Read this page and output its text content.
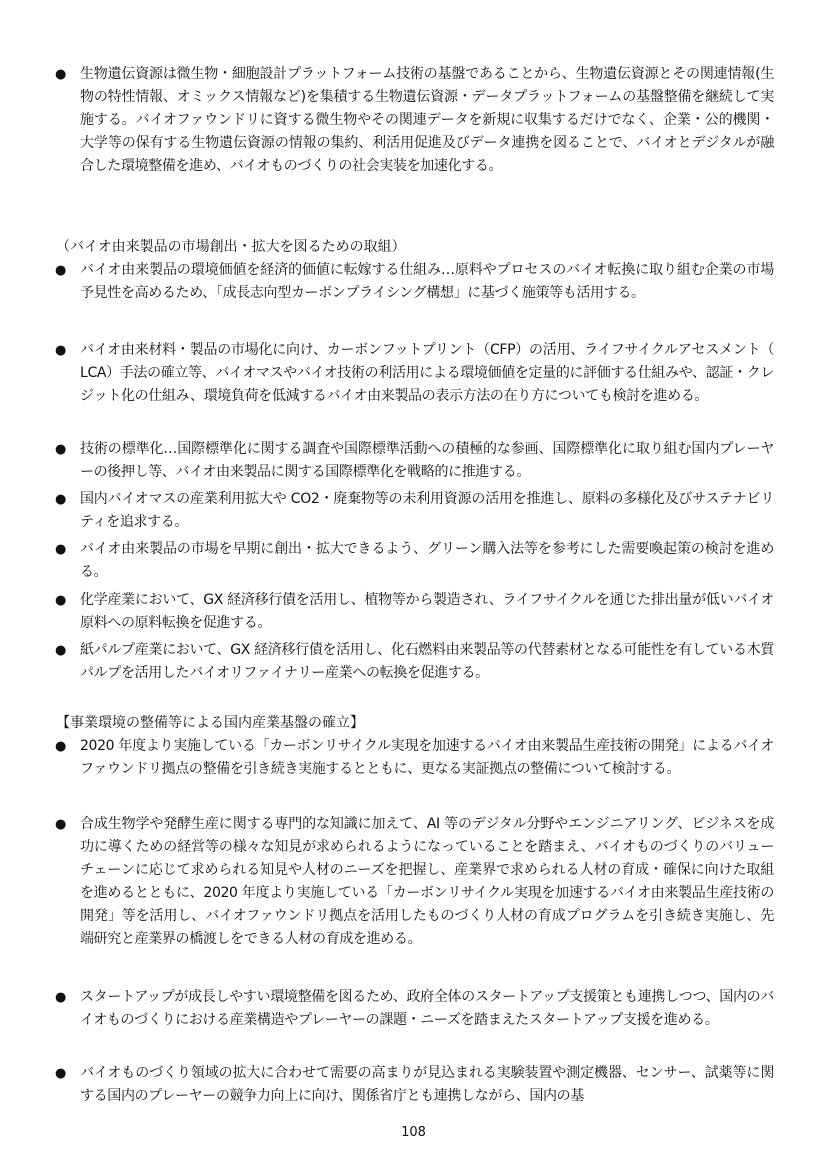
● 生物遺伝資源は微生物・細胞設計プラットフォーム技術の基盤であることから、生物遺伝資源とその関連情報(生物の特性情報、オミックス情報など)を集積する生物遺伝資源・データプラットフォームの基盤整備を継続して実施する。バイオファウンドリに資する微生物やその関連データを新規に収集するだけでなく、企業・公的機関・大学等の保有する生物遺伝資源の情報の集約、利活用促進及びデータ連携を図ることで、バイオとデジタルが融合した環境整備を進め、バイオものづくりの社会実装を加速化する。
（バイオ由来製品の市場創出・拡大を図るための取組）
● バイオ由来製品の環境価値を経済的価値に転嫁する仕組み…原料やプロセスのバイオ転換に取り組む企業の市場予見性を高めるため、「成長志向型カーボンプライシング構想」に基づく施策等も活用する。
● バイオ由来材料・製品の市場化に向け、カーボンフットプリント（CFP）の活用、ライフサイクルアセスメント（LCA）手法の確立等、バイオマスやバイオ技術の利活用による環境価値を定量的に評価する仕組みや、認証・クレジット化の仕組み、環境負荷を低減するバイオ由来製品の表示方法の在り方についても検討を進める。
● 技術の標準化…国際標準化に関する調査や国際標準活動への積極的な参画、国際標準化に取り組む国内プレーヤーの後押し等、バイオ由来製品に関する国際標準化を戦略的に推進する。
● 国内バイオマスの産業利用拡大や CO2・廃棄物等の未利用資源の活用を推進し、原料の多様化及びサステナビリティを追求する。
● バイオ由来製品の市場を早期に創出・拡大できるよう、グリーン購入法等を参考にした需要喚起策の検討を進める。
● 化学産業において、GX 経済移行債を活用し、植物等から製造され、ライフサイクルを通じた排出量が低いバイオ原料への原料転換を促進する。
● 紙パルプ産業において、GX 経済移行債を活用し、化石燃料由来製品等の代替素材となる可能性を有している木質パルプを活用したバイオリファイナリー産業への転換を促進する。
【事業環境の整備等による国内産業基盤の確立】
● 2020 年度より実施している「カーボンリサイクル実現を加速するバイオ由来製品生産技術の開発」によるバイオファウンドリ拠点の整備を引き続き実施するとともに、更なる実証拠点の整備について検討する。
● 合成生物学や発酵生産に関する専門的な知識に加えて、AI 等のデジタル分野やエンジニアリング、ビジネスを成功に導くための経営等の様々な知見が求められるようになっていることを踏まえ、バイオものづくりのバリューチェーンに応じて求められる知見や人材のニーズを把握し、産業界で求められる人材の育成・確保に向けた取組を進めるとともに、2020 年度より実施している「カーボンリサイクル実現を加速するバイオ由来製品生産技術の開発」等を活用し、バイオファウンドリ拠点を活用したものづくり人材の育成プログラムを引き続き実施し、先端研究と産業界の橋渡しをできる人材の育成を進める。
● スタートアップが成長しやすい環境整備を図るため、政府全体のスタートアップ支援策とも連携しつつ、国内のバイオものづくりにおける産業構造やプレーヤーの課題・ニーズを踏まえたスタートアップ支援を進める。
● バイオものづくり領域の拡大に合わせて需要の高まりが見込まれる実験装置や測定機器、センサー、試薬等に関する国内のプレーヤーの競争力向上に向け、関係省庁とも連携しながら、国内の基
108
